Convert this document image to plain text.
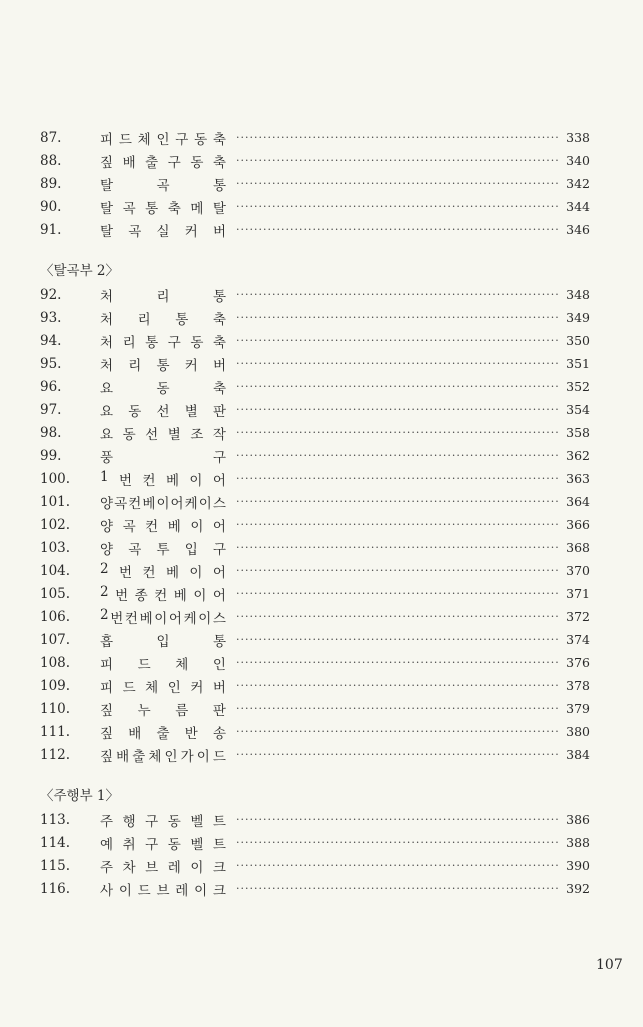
87.	피 드 체 인 구 동 축 ·····	338
88.	짚 배 출 구 동 축 ·····	340
89.	탈	곡	통 ·····	342
90.	탈 곡 통 축 메 탈 ·····	344
91.	탈 곡 실 커 버 ·····	346
〈탈곡부 2〉
92.	처	리	통 ·····	348
93.	처 리 통 축 ·····	349
94.	처 리 통 구 동 축 ·····	350
95.	처 리 통 커 버 ·····	351
96.	요	동	축 ·····	352
97.	요 동 선 별 판 ·····	354
98.	요 동 선 별 조 작 ·····	358
99.	풍	구 ·····	362
100.	1 번 컨 베 이 어 ·····	363
101.	양 곡 컨 베 이 어 케 이 스 ·····	364
102.	양 곡 컨 베 이 어 ·····	366
103.	양 곡 투 입 구 ·····	368
104.	2 번 컨 베 이 어 ·····	370
105.	2 번 종 컨 베 이 어 ·····	371
106.	2 번 컨 베 이 어 케 이 스 ·····	372
107.	흡	입	통 ·····	374
108.	피 드 체 인 ·····	376
109.	피 드 체 인 커 버 ·····	378
110.	짚 누 름 판 ·····	379
111.	짚 배 출 반 송 ·····	380
112.	짚 배 출 체 인 가 이 드 ·····	384
〈주행부 1〉
113.	주 행 구 동 벨 트 ·····	386
114.	예 취 구 동 벨 트 ·····	388
115.	주 차 브 레 이 크 ·····	390
116.	사 이 드 브 레 이 크 ·····	392
107
